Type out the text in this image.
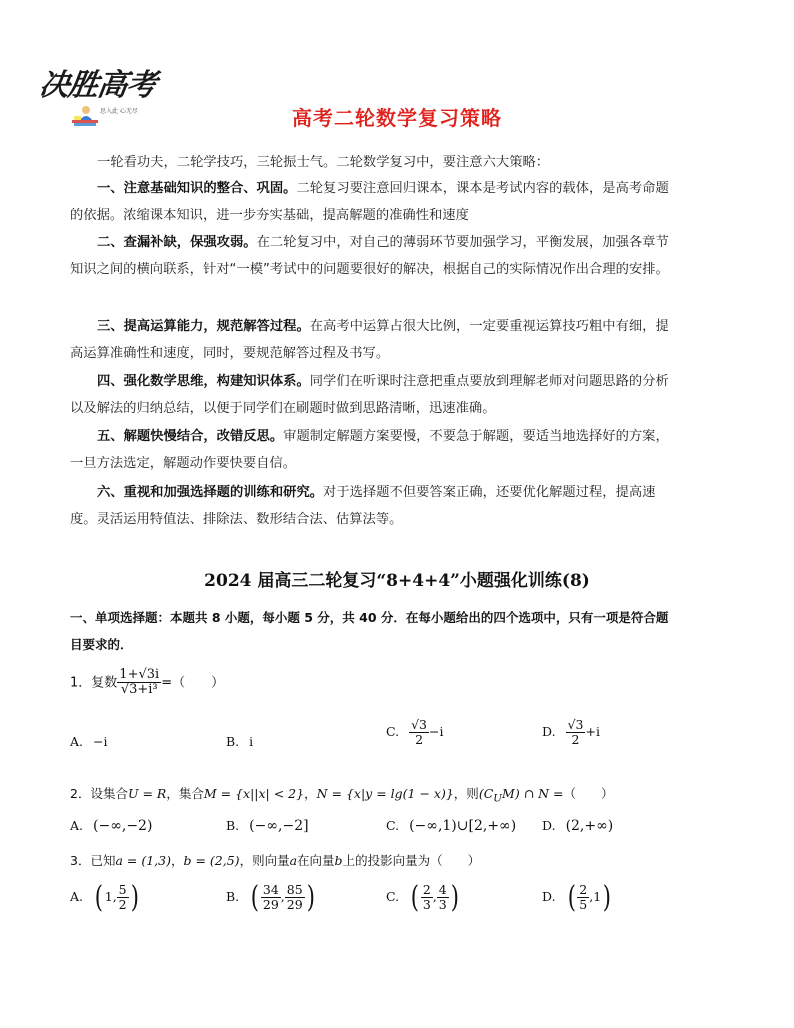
决胜高考
思入此 心无尽	高考二轮数学复习策略
一轮看功夫，二轮学技巧，三轮振士气。二轮数学复习中，要注意六大策略：
一、注意基础知识的整合、巩固。二轮复习要注意回归课本，课本是考试内容的载体，是高考命题的依据。浓缩课本知识，进一步夯实基础，提高解题的准确性和速度
二、查漏补缺，保强攻弱。在二轮复习中，对自己的薄弱环节要加强学习，平衡发展，加强各章节知识之间的横向联系，针对“一模”考试中的问题要很好的解决，根据自己的实际情况作出合理的安排。
三、提高运算能力，规范解答过程。在高考中运算占很大比例，一定要重视运算技巧粗中有细，提高运算准确性和速度，同时，要规范解答过程及书写。
四、强化数学思维，构建知识体系。同学们在听课时注意把重点要放到理解老师对问题思路的分析以及解法的归纳总结，以便于同学们在刷题时做到思路清晰，迅速准确。
五、解题快慢结合，改错反思。审题制定解题方案要慢，不要急于解题，要适当地选择好的方案，一旦方法选定，解题动作要快要自信。
六、重视和加强选择题的训练和研究。对于选择题不但要答案正确，还要优化解题过程，提高速度。灵活运用特值法、排除法、数形结合法、估算法等。
2024 届高三二轮复习“8+4+4”小题强化训练(8)
一、单项选择题：本题共 8 小题，每小题 5 分，共 40 分．在每小题给出的四个选项中，只有一项是符合题目要求的．
1．复数 $\frac{1+√3i}{\text{√3+i³}}$ =（　　）
A. −i	B. i
C. $\frac{√3}{2} -i$	D. $\frac{√3}{2} +i$
2．设集合U = R，集合M = {x||x| < 2}，N = {x|y = lg(1 − x)}，则$(C_UM)$ ∩ N =（　　）
A. (−∞,−2)	B. (−∞,−2]	C. (−∞,1)∪[2,+∞) D. (2,+∞)
3．已知a = (1,3)，b = (2,5)，则向量a在向量b上的投影向量为（　　）
A. ( 1, $\frac{5}{2}$ )	B. ( $\frac{34}{29}$ , $\frac{85}{29}$ )	C. ( $\frac{2}{3}$ , $\frac{4}{3}$ )	D. ( $\frac{2}{5} ,1$)
